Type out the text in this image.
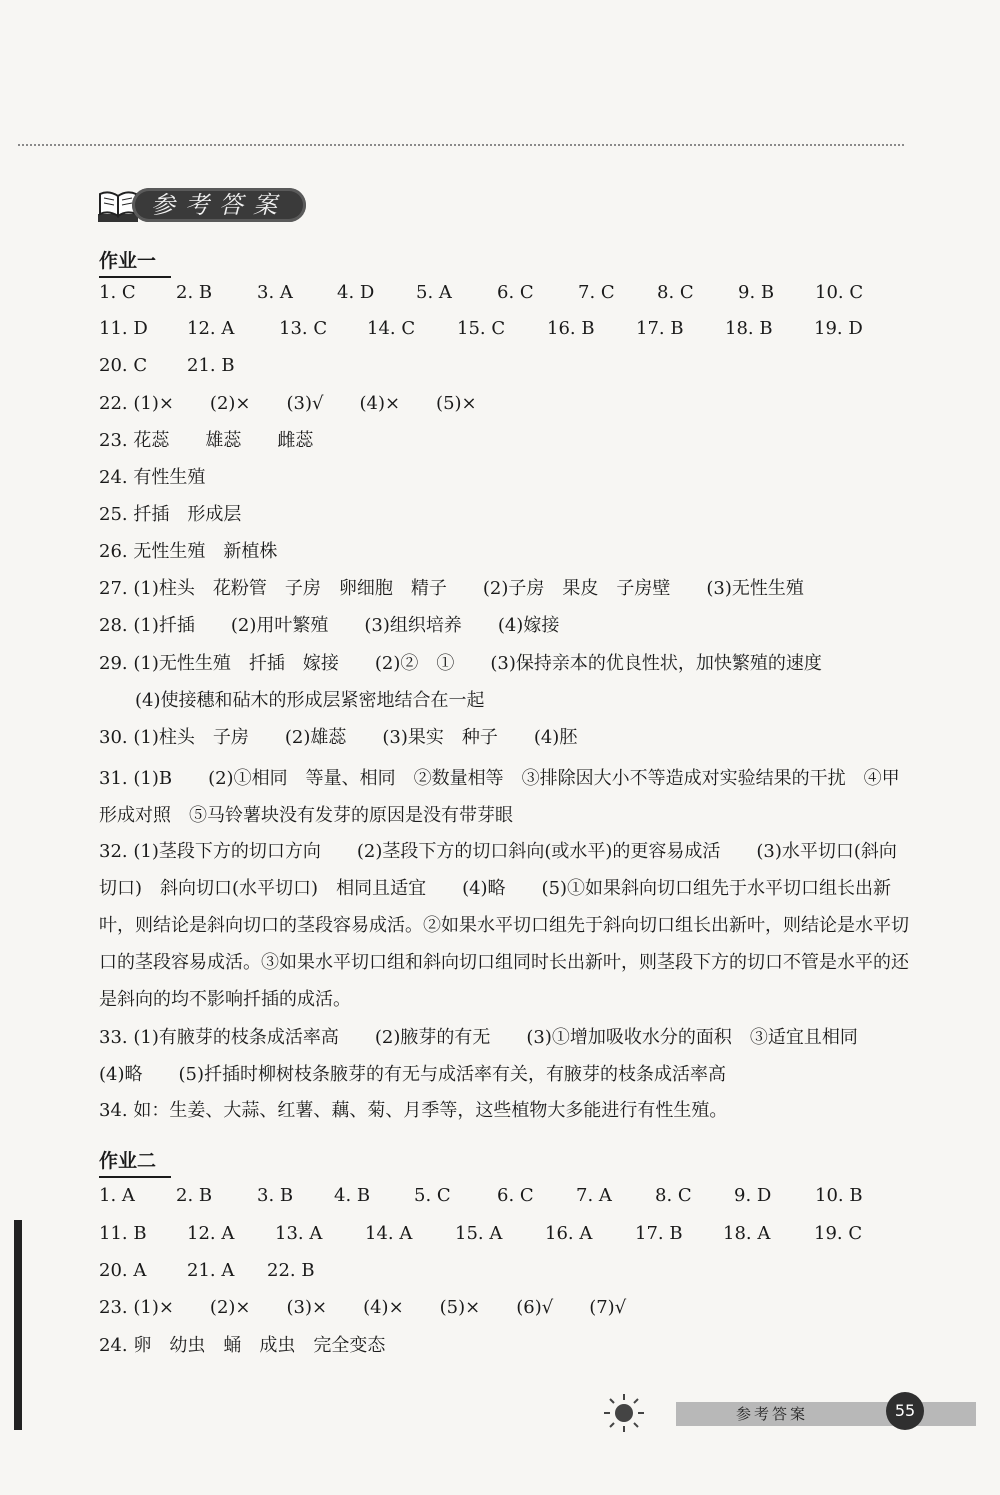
参考答案
作业一
1. C 2. B 3. A 4. D 5. A	6. C 7. C 8. C 9. B 10. C
11. D 12. A 13. C 14. C 15. C 16. B 17. B 18. B 19. D
20. C 21. B
22. (1)×　　(2)×　　(3)√　　(4)×　　(5)×
23. 花蕊　　雄蕊　　雌蕊
24. 有性生殖
25. 扦插　形成层
26. 无性生殖　新植株
27. (1)柱头　花粉管　子房　卵细胞　精子　　(2)子房　果皮　子房壁　　(3)无性生殖
28. (1)扦插　　(2)用叶繁殖　　(3)组织培养　　(4)嫁接
29. (1)无性生殖　扦插　嫁接　　(2)②　①　　(3)保持亲本的优良性状，加快繁殖的速度
(4)使接穗和砧木的形成层紧密地结合在一起
30. (1)柱头　子房　　(2)雄蕊　　(3)果实　种子　　(4)胚
31. (1)B　　(2)①相同　等量、相同　②数量相等　③排除因大小不等造成对实验结果的干扰　④甲　形成对照　⑤马铃薯块没有发芽的原因是没有带芽眼
32. (1)茎段下方的切口方向　　(2)茎段下方的切口斜向(或水平)的更容易成活　　(3)水平切口(斜向切口)　斜向切口(水平切口)　相同且适宜　　(4)略　　(5)①如果斜向切口组先于水平切口组长出新叶，则结论是斜向切口的茎段容易成活。②如果水平切口组先于斜向切口组长出新叶，则结论是水平切口的茎段容易成活。③如果水平切口组和斜向切口组同时长出新叶，则茎段下方的切口不管是水平的还是斜向的均不影响扦插的成活。
33. (1)有腋芽的枝条成活率高　　(2)腋芽的有无　　(3)①增加吸收水分的面积　③适宜且相同　　(4)略　　(5)扦插时柳树枝条腋芽的有无与成活率有关，有腋芽的枝条成活率高
34. 如：生姜、大蒜、红薯、藕、菊、月季等，这些植物大多能进行有性生殖。
作业二
1. A 2. B 3. B 4. B 5. C	6. C 7. A 8. C 9. D 10. B
11. B 12. A 13. A 14. A 15. A 16. A 17. B 18. A 19. C
20. A 21. A 22. B
23. (1)×　　(2)×　　(3)×　　(4)×　　(5)×　　(6)√　　(7)√
24. 卵　幼虫　蛹　成虫　完全变态
参考答案	55
